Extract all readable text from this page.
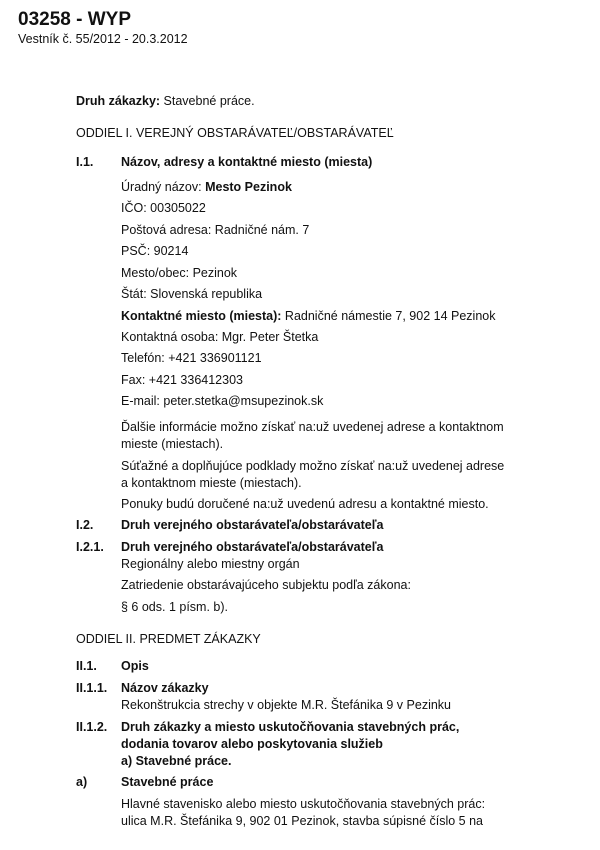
03258 - WYP
Vestník č. 55/2012 - 20.3.2012
Druh zákazky: Stavebné práce.
ODDIEL I. VEREJNÝ OBSTARÁVATEĽ/OBSTARÁVATEĽ
I.1. Názov, adresy a kontaktné miesto (miesta)
Úradný názov: Mesto Pezinok
IČO: 00305022
Poštová adresa: Radničné nám. 7
PSČ: 90214
Mesto/obec: Pezinok
Štát: Slovenská republika
Kontaktné miesto (miesta): Radničné námestie 7, 902 14 Pezinok
Kontaktná osoba: Mgr. Peter Štetka
Telefón: +421 336901121
Fax: +421 336412303
E-mail: peter.stetka@msupezinok.sk
Ďalšie informácie možno získať na:už uvedenej adrese a kontaktnom
mieste (miestach).
Súťažné a doplňujúce podklady možno získať na:už uvedenej adrese
a kontaktnom mieste (miestach).
Ponuky budú doručené na:už uvedenú adresu a kontaktné miesto.
I.2. Druh verejného obstarávateľa/obstarávateľa
I.2.1. Druh verejného obstarávateľa/obstarávateľa
Regionálny alebo miestny orgán
Zatriedenie obstarávajúceho subjektu podľa zákona:
§ 6 ods. 1 písm. b).
ODDIEL II. PREDMET ZÁKAZKY
II.1. Opis
II.1.1. Názov zákazky
Rekonštrukcia strechy v objekte M.R. Štefánika 9 v Pezinku
II.1.2. Druh zákazky a miesto uskutočňovania stavebných prác,
dodania tovarov alebo poskytovania služieb
a) Stavebné práce.
a)	Stavebné práce
Hlavné stavenisko alebo miesto uskutočňovania stavebných prác:
ulica M.R. Štefánika 9, 902 01 Pezinok, stavba súpisné číslo 5 na
